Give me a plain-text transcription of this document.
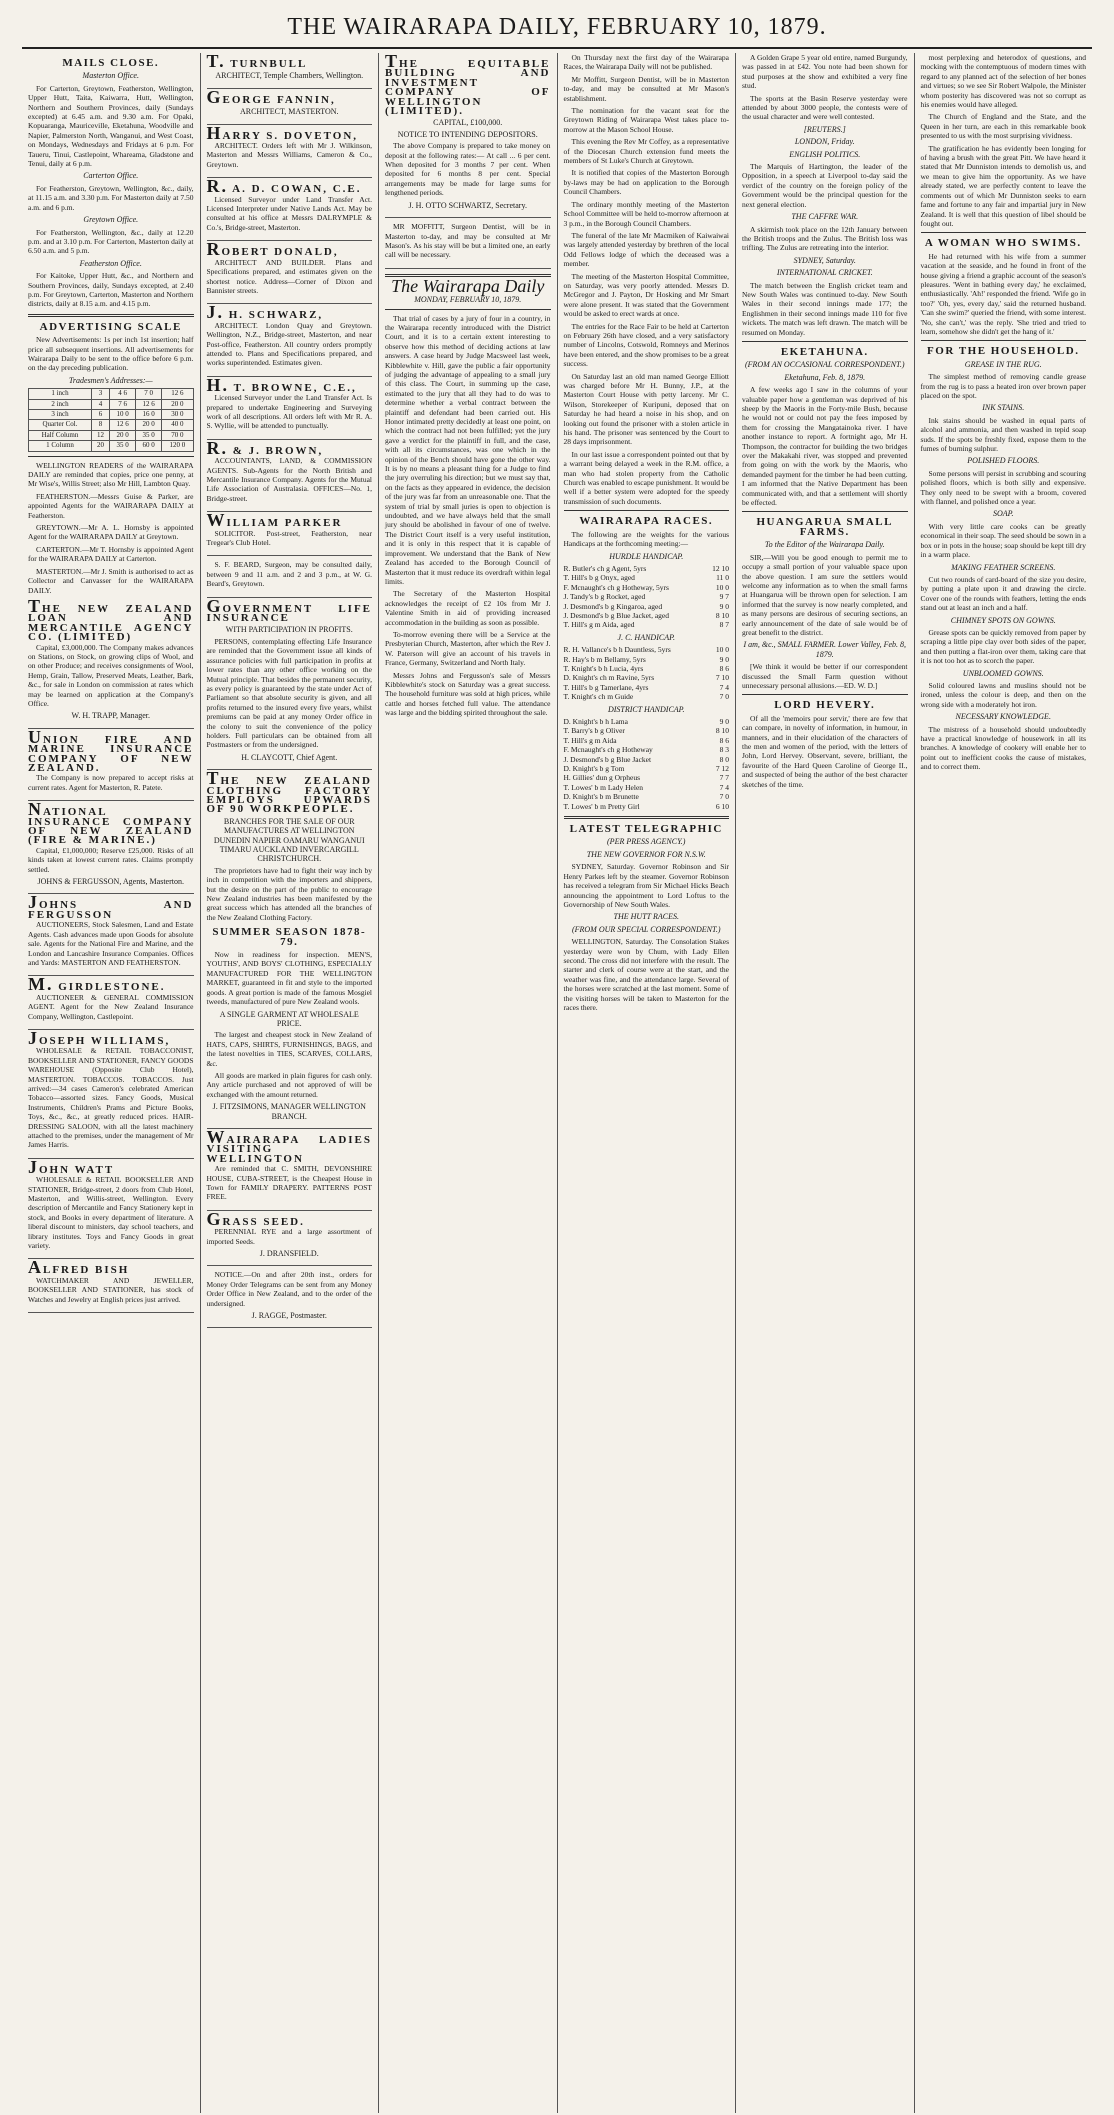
THE WAIRARAPA DAILY, FEBRUARY 10, 1879.
MAILS CLOSE.
Masterton Office.

For Carterton, Greytown, Featherston, Wellington, Upper Hutt, Taita, Kaiwarra, Hutt, Wellington, Northern and Southern Provinces, daily (Sundays excepted) at 6.45 a.m. and 9.30 a.m. For Opaki, Kopuaranga, Mauriceville, Eketahuna, Woodville and Napier, Palmerston North, Wanganui, and West Coast, on Mondays, Wednesdays and Fridays at 6 p.m. For Taueru, Tinui, Castlepoint, Whareama, Gladstone and Tenui, daily at 6 p.m.

Carterton Office.

For Featherston, Greytown, Wellington, &c., daily, at 11.15 a.m. and 3.30 p.m. For Masterton daily at 7.50 a.m. and 6 p.m.

Greytown Office.

For Featherston, Wellington, &c., daily at 12.20 p.m. and at 3.10 p.m. For Carterton, Masterton daily at 6.50 a.m. and 5 p.m.

Featherston Office.

For Kaitoke, Upper Hutt, &c., and Northern and Southern Provinces, daily, Sundays excepted, at 2.40 p.m. For Greytown, Carterton, Masterton and Northern districts, daily at 8.15 a.m. and 4.15 p.m.

ADVERTISING SCALE

New Advertisements: 1s per inch 1st insertion; half price all subsequent insertions. All advertisements for Wairarapa Daily to be sent to the office before 6 p.m. on the day preceding publication.

Tradesmen's Addresses:—
1 inch	3	4 6	7 0	12 6
2 inch	4	7 6	12 6	20 0
3 inch	6	10 0	16 0	30 0
Quarter Col.	8	12 6	20 0	40 0
Half Column	12	20 0	35 0	70 0
1 Column	20	35 0	60 0	120 0

WELLINGTON READERS of the WAIRARAPA DAILY are reminded that copies, price one penny, at Mr Wise's, Willis Street; also Mr Hill, Lambton Quay.

FEATHERSTON.—Messrs Guise & Parker, are appointed Agents for the WAIRARAPA DAILY at Featherston.

GREYTOWN.—Mr A. L. Hornsby is appointed Agent for the WAIRARAPA DAILY at Greytown.

CARTERTON.—Mr T. Hornsby is appointed Agent for the WAIRARAPA DAILY at Carterton.

MASTERTON.—Mr J. Smith is authorised to act as Collector and Canvasser for the WAIRARAPA DAILY.

THE NEW ZEALAND LOAN AND MERCANTILE AGENCY CO. (LIMITED)

Capital, £3,000,000. The Company makes advances on Stations, on Stock, on growing clips of Wool, and on other Produce; and receives consignments of Wool, Hemp, Grain, Tallow, Preserved Meats, Leather, Bark, &c., for sale in London on commission at rates which may be learned on application at the Company's Office.

W. H. TRAPP, Manager.
UNION FIRE AND MARINE INSURANCE COMPANY OF NEW ZEALAND.

The Company is now prepared to accept risks at current rates. Agent for Masterton, R. Patete.

NATIONAL INSURANCE COMPANY OF NEW ZEALAND (FIRE & MARINE.)

Capital, £1,000,000; Reserve £25,000. Risks of all kinds taken at lowest current rates. Claims promptly settled.

JOHNS & FERGUSSON, Agents, Masterton.
JOHNS AND FERGUSSON

AUCTIONEERS, Stock Salesmen, Land and Estate Agents. Cash advances made upon Goods for absolute sale. Agents for the National Fire and Marine, and the London and Lancashire Insurance Companies. Offices and Yards: MASTERTON AND FEATHERSTON.

M. GIRDLESTONE.

AUCTIONEER & GENERAL COMMISSION AGENT. Agent for the New Zealand Insurance Company, Wellington, Castlepoint.

JOSEPH WILLIAMS,

WHOLESALE & RETAIL TOBACCONIST, BOOKSELLER AND STATIONER, FANCY GOODS WAREHOUSE (Opposite Club Hotel), MASTERTON. TOBACCOS. TOBACCOS. Just arrived:—34 cases Cameron's celebrated American Tobacco—assorted sizes. Fancy Goods, Musical Instruments, Children's Prams and Picture Books, Toys, &c., &c., at greatly reduced prices. HAIR-DRESSING SALOON, with all the latest machinery attached to the premises, under the management of Mr James Harris.

JOHN WATT

WHOLESALE & RETAIL BOOKSELLER AND STATIONER, Bridge-street, 2 doors from Club Hotel, Masterton, and Willis-street, Wellington. Every description of Mercantile and Fancy Stationery kept in stock, and Books in every department of literature. A liberal discount to ministers, day school teachers, and library institutes. Toys and Fancy Goods in great variety.

ALFRED BISH

WATCHMAKER AND JEWELLER, BOOKSELLER AND STATIONER, has stock of Watches and Jewelry at English prices just arrived.

T. TURNBULL
ARCHITECT, Temple Chambers, Wellington.
GEORGE FANNIN,
ARCHITECT, MASTERTON.
HARRY S. DOVETON,

ARCHITECT. Orders left with Mr J. Wilkinson, Masterton and Messrs Williams, Cameron & Co., Greytown.

R. A. D. COWAN, C.E.

Licensed Surveyor under Land Transfer Act. Licensed Interpreter under Native Lands Act. May be consulted at his office at Messrs DALRYMPLE & Co.'s, Bridge-street, Masterton.

ROBERT DONALD,

ARCHITECT AND BUILDER. Plans and Specifications prepared, and estimates given on the shortest notice. Address—Corner of Dixon and Bannister streets.

J. H. SCHWARZ,

ARCHITECT. London Quay and Greytown. Wellington, N.Z., Bridge-street, Masterton, and near Post-office, Featherston. All country orders promptly attended to. Plans and Specifications prepared, and works superintended. Estimates given.

H. T. BROWNE, C.E.,

Licensed Surveyor under the Land Transfer Act. Is prepared to undertake Engineering and Surveying work of all descriptions. All orders left with Mr R. A. S. Wyllie, will be attended to punctually.

R. & J. BROWN,

ACCOUNTANTS, LAND, & COMMISSION AGENTS. Sub-Agents for the North British and Mercantile Insurance Company. Agents for the Mutual Life Association of Australasia. OFFICES—No. 1, Bridge-street.

WILLIAM PARKER

SOLICITOR. Post-street, Featherston, near Tregear's Club Hotel.

S. F. BEARD, Surgeon, may be consulted daily, between 9 and 11 a.m. and 2 and 3 p.m., at W. G. Beard's, Greytown.

GOVERNMENT LIFE INSURANCE
WITH PARTICIPATION IN PROFITS.

PERSONS, contemplating effecting Life Insurance are reminded that the Government issue all kinds of assurance policies with full participation in profits at lower rates than any other office working on the Mutual principle. That besides the permanent security, as every policy is guaranteed by the state under Act of Parliament so that absolute security is given, and all profits returned to the insured every five years, whilst premiums can be paid at any money Order office in the colony to suit the convenience of the policy holders. Full particulars can be obtained from all Postmasters or from the undersigned.

H. CLAYCOTT, Chief Agent.
THE NEW ZEALAND CLOTHING FACTORY EMPLOYS UPWARDS OF 90 WORKPEOPLE.
BRANCHES FOR THE SALE OF OUR MANUFACTURES AT WELLINGTON DUNEDIN NAPIER OAMARU WANGANUI TIMARU AUCKLAND INVERCARGILL CHRISTCHURCH.

The proprietors have had to fight their way inch by inch in competition with the importers and shippers, but the desire on the part of the public to encourage New Zealand industries has been manifested by the great success which has attended all the branches of the New Zealand Clothing Factory.

SUMMER SEASON 1878-79.

Now in readiness for inspection. MEN'S, YOUTHS', AND BOYS' CLOTHING, ESPECIALLY MANUFACTURED FOR THE WELLINGTON MARKET, guaranteed in fit and style to the imported goods. A great portion is made of the famous Mosgiel tweeds, manufactured of pure New Zealand wools.

A SINGLE GARMENT AT WHOLESALE PRICE.

The largest and cheapest stock in New Zealand of HATS, CAPS, SHIRTS, FURNISHINGS, BAGS, and the latest novelties in TIES, SCARVES, COLLARS, &c.

All goods are marked in plain figures for cash only. Any article purchased and not approved of will be exchanged with the amount returned.

J. FITZSIMONS, MANAGER WELLINGTON BRANCH.
WAIRARAPA LADIES VISITING WELLINGTON

Are reminded that C. SMITH, DEVONSHIRE HOUSE, CUBA-STREET, is the Cheapest House in Town for FAMILY DRAPERY. PATTERNS POST FREE.

GRASS SEED.

PERENNIAL RYE and a large assortment of imported Seeds.

J. DRANSFIELD.

NOTICE.—On and after 20th inst., orders for Money Order Telegrams can be sent from any Money Order Office in New Zealand, and to the order of the undersigned.

J. RAGGE, Postmaster.
THE EQUITABLE BUILDING AND INVESTMENT COMPANY OF WELLINGTON (LIMITED).
CAPITAL, £100,000.
NOTICE TO INTENDING DEPOSITORS.

The above Company is prepared to take money on deposit at the following rates:— At call ... 6 per cent. When deposited for 3 months 7 per cent. When deposited for 6 months 8 per cent. Special arrangements may be made for large sums for lengthened periods.

J. H. OTTO SCHWARTZ, Secretary.

MR MOFFITT, Surgeon Dentist, will be in Masterton to-day, and may be consulted at Mr Mason's. As his stay will be but a limited one, an early call will be necessary.

The Wairarapa Daily
MONDAY, FEBRUARY 10, 1879.

That trial of cases by a jury of four in a country, in the Wairarapa recently introduced with the District Court, and it is to a certain extent interesting to observe how this method of deciding actions at law answers. A case heard by Judge Macsweel last week, Kibblewhite v. Hill, gave the public a fair opportunity of judging the advantage of appealing to a small jury of this class. The Court, in summing up the case, estimated to the jury that all they had to do was to determine whether a verbal contract between the plaintiff and defendant had been carried out. His Honor intimated pretty decidedly at least one point, on which the contract had not been fulfilled; yet the jury gave a verdict for the plaintiff in full, and the case, with all its circumstances, was one which in the opinion of the Bench should have gone the other way. It is by no means a pleasant thing for a Judge to find the jury overruling his direction; but we must say that, on the facts as they appeared in evidence, the decision of the jury was far from an unreasonable one. That the system of trial by small juries is open to objection is undoubted, and we have always held that the small jury should be abolished in favour of one of twelve. The District Court itself is a very useful institution, and it is only in this respect that it is capable of improvement. We understand that the Bank of New Zealand has acceded to the Borough Council of Masterton that it must reduce its overdraft within legal limits.

The Secretary of the Masterton Hospital acknowledges the receipt of £2 10s from Mr J. Valentine Smith in aid of providing increased accommodation in the building as soon as possible.

To-morrow evening there will be a Service at the Presbyterian Church, Masterton, after which the Rev J. W. Paterson will give an account of his travels in France, Germany, Switzerland and North Italy.

Messrs Johns and Fergusson's sale of Messrs Kibblewhite's stock on Saturday was a great success. The household furniture was sold at high prices, while cattle and horses fetched full value. The attendance was large and the bidding spirited throughout the sale.

On Thursday next the first day of the Wairarapa Races, the Wairarapa Daily will not be published.

Mr Moffitt, Surgeon Dentist, will be in Masterton to-day, and may be consulted at Mr Mason's establishment.

The nomination for the vacant seat for the Greytown Riding of Wairarapa West takes place to-morrow at the Mason School House.

This evening the Rev Mr Coffey, as a representative of the Diocesan Church extension fund meets the members of St Luke's Church at Greytown.

It is notified that copies of the Masterton Borough by-laws may be had on application to the Borough Council Chambers.

The ordinary monthly meeting of the Masterton School Committee will be held to-morrow afternoon at 3 p.m., in the Borough Council Chambers.

The funeral of the late Mr Macmiken of Kaiwaiwai was largely attended yesterday by brethren of the local Odd Fellows lodge of which the deceased was a member.

The meeting of the Masterton Hospital Committee, on Saturday, was very poorly attended. Messrs D. McGregor and J. Payton, Dr Hosking and Mr Smart were alone present. It was stated that the Government would be asked to erect wards at once.

The entries for the Race Fair to be held at Carterton on February 26th have closed, and a very satisfactory number of Lincolns, Cotswold, Romneys and Merinos have been entered, and the show promises to be a great success.

On Saturday last an old man named George Elliott was charged before Mr H. Bunny, J.P., at the Masterton Court House with petty larceny. Mr C. Wilson, Storekeeper of Kuripuni, deposed that on Saturday he had heard a noise in his shop, and on looking out found the prisoner with a stolen article in his hand. The prisoner was sentenced by the Court to 28 days imprisonment.

In our last issue a correspondent pointed out that by a warrant being delayed a week in the R.M. office, a man who had stolen property from the Catholic Church was enabled to escape punishment. It would be well if a better system were adopted for the speedy transmission of such documents.

WAIRARAPA RACES.

The following are the weights for the various Handicaps at the forthcoming meeting:—

HURDLE HANDICAP.
R. Butler's ch g Agent, 5yrs	12 10
T. Hill's b g Onyx, aged	11 0
F. Mcnaught's ch g Hotheway, 5yrs	10 0
J. Tandy's b g Rocket, aged	9 7
J. Desmond's b g Kingaroa, aged	9 0
J. Desmond's b g Blue Jacket, aged	8 10
T. Hill's g m Aida, aged	8 7
J. C. HANDICAP.
R. H. Vallance's b h Dauntless, 5yrs	10 0
R. Hay's b m Bellamy, 5yrs	9 0
T. Knight's b h Lucia, 4yrs	8 6
D. Knight's ch m Ravine, 5yrs	7 10
T. Hill's b g Tamerlane, 4yrs	7 4
T. Knight's ch m Guide	7 0
DISTRICT HANDICAP.
D. Knight's b h Lama	9 0
T. Barry's b g Oliver	8 10
T. Hill's g m Aida	8 6
F. Mcnaught's ch g Hotheway	8 3
J. Desmond's b g Blue Jacket	8 0
D. Knight's b g Tom	7 12
H. Gillies' dun g Orpheus	7 7
T. Lowes' b m Lady Helen	7 4
D. Knight's b m Brunette	7 0
T. Lowes' b m Pretty Girl	6 10
LATEST TELEGRAPHIC
(PER PRESS AGENCY.)
THE NEW GOVERNOR FOR N.S.W.

SYDNEY, Saturday. Governor Robinson and Sir Henry Parkes left by the steamer. Governor Robinson has received a telegram from Sir Michael Hicks Beach announcing the appointment to Lord Loftus to the Governorship of New South Wales.

THE HUTT RACES.
(FROM OUR SPECIAL CORRESPONDENT.)

WELLINGTON, Saturday. The Consolation Stakes yesterday were won by Chum, with Lady Ellen second. The cross did not interfere with the result. The starter and clerk of course were at the start, and the weather was fine, and the attendance large. Several of the horses were scratched at the last moment. Some of the visiting horses will be taken to Masterton for the races there.

A Golden Grape 5 year old entire, named Burgundy, was passed in at £42. You note had been shown for stud purposes at the show and exhibited a very fine stud.

The sports at the Basin Reserve yesterday were attended by about 3000 people, the contests were of the usual character and were well contested.

[REUTERS.]
LONDON, Friday.
ENGLISH POLITICS.

The Marquis of Hartington, the leader of the Opposition, in a speech at Liverpool to-day said the verdict of the country on the foreign policy of the Government would be the principal question for the next general election.

THE CAFFRE WAR.

A skirmish took place on the 12th January between the British troops and the Zulus. The British loss was trifling. The Zulus are retreating into the interior.

SYDNEY, Saturday.
INTERNATIONAL CRICKET.

The match between the English cricket team and New South Wales was continued to-day. New South Wales in their second innings made 177; the Englishmen in their second innings made 110 for five wickets. The match was left drawn. The match will be resumed on Monday.

EKETAHUNA.
(FROM AN OCCASIONAL CORRESPONDENT.)
Eketahuna, Feb. 8, 1879.

A few weeks ago I saw in the columns of your valuable paper how a gentleman was deprived of his sheep by the Maoris in the Forty-mile Bush, because he would not or could not pay the fees imposed by them for crossing the Mangatainoka river. I have another instance to report. A fortnight ago, Mr H. Thompson, the contractor for building the two bridges over the Makakahi river, was stopped and prevented from going on with the work by the Maoris, who demanded payment for the timber he had been cutting. I am informed that the Native Department has been communicated with, and that a settlement will shortly be effected.

HUANGARUA SMALL FARMS.
To the Editor of the Wairarapa Daily.

SIR,—Will you be good enough to permit me to occupy a small portion of your valuable space upon the above question. I am sure the settlers would welcome any information as to when the small farms at Huangarua will be thrown open for selection. I am informed that the survey is now nearly completed, and as many persons are desirous of securing sections, an early announcement of the date of sale would be of great benefit to the district.

I am, &c., SMALL FARMER. Lower Valley, Feb. 8, 1879.

[We think it would be better if our correspondent discussed the Small Farm question without unnecessary personal allusions.—ED. W. D.]

LORD HEVERY.

Of all the 'memoirs pour servir,' there are few that can compare, in novelty of information, in humour, in manners, and in their elucidation of the characters of the men and women of the period, with the letters of John, Lord Hervey. Observant, severe, brilliant, the favourite of the Hard Queen Caroline of George II., and suspected of being the author of the best character sketches of the time.

most perplexing and heterodox of questions, and mocking with the contemptuous of modern times with regard to any planned act of the selection of her bones and virtues; so we see Sir Robert Walpole, the Minister whom posterity has discovered was not so corrupt as his enemies would have alleged.

The Church of England and the State, and the Queen in her turn, are each in this remarkable book presented to us with the most surprising vividness.

The gratification he has evidently been longing for of having a brush with the great Pitt. We have heard it stated that Mr Dunniston intends to demolish us, and we mean to give him the opportunity. As we have already stated, we are perfectly content to leave the comments out of which Mr Dunniston seeks to earn fame and fortune to any fair and impartial jury in New Zealand. It is well that this question of libel should be fought out.

A WOMAN WHO SWIMS.

He had returned with his wife from a summer vacation at the seaside, and he found in front of the house giving a friend a graphic account of the season's pleasures. 'Went in bathing every day,' he exclaimed, enthusiastically. 'Ah!' responded the friend. 'Wife go in too?' 'Oh, yes, every day,' said the returned husband. 'Can she swim?' queried the friend, with some interest. 'No, she can't,' was the reply. 'She tried and tried to learn, somehow she didn't get the hang of it.'

FOR THE HOUSEHOLD.
GREASE IN THE RUG.

The simplest method of removing candle grease from the rug is to pass a heated iron over brown paper placed on the spot.

INK STAINS.

Ink stains should be washed in equal parts of alcohol and ammonia, and then washed in tepid soap suds. If the spots be freshly fixed, expose them to the fumes of burning sulphur.

POLISHED FLOORS.

Some persons will persist in scrubbing and scouring polished floors, which is both silly and expensive. They only need to be swept with a broom, covered with flannel, and polished once a year.

SOAP.

With very little care cooks can be greatly economical in their soap. The seed should be sown in a box or in pots in the house; soap should be kept till dry in a warm place.

MAKING FEATHER SCREENS.

Cut two rounds of card-board of the size you desire, by putting a plate upon it and drawing the circle. Cover one of the rounds with feathers, letting the ends stand out at least an inch and a half.

CHIMNEY SPOTS ON GOWNS.

Grease spots can be quickly removed from paper by scraping a little pipe clay over both sides of the paper, and then putting a flat-iron over them, taking care that it is not too hot as to scorch the paper.

UNBLOOMED GOWNS.

Solid coloured lawns and muslins should not be ironed, unless the colour is deep, and then on the wrong side with a moderately hot iron.

NECESSARY KNOWLEDGE.

The mistress of a household should undoubtedly have a practical knowledge of housework in all its branches. A knowledge of cookery will enable her to point out to inefficient cooks the cause of mistakes, and to correct them.
